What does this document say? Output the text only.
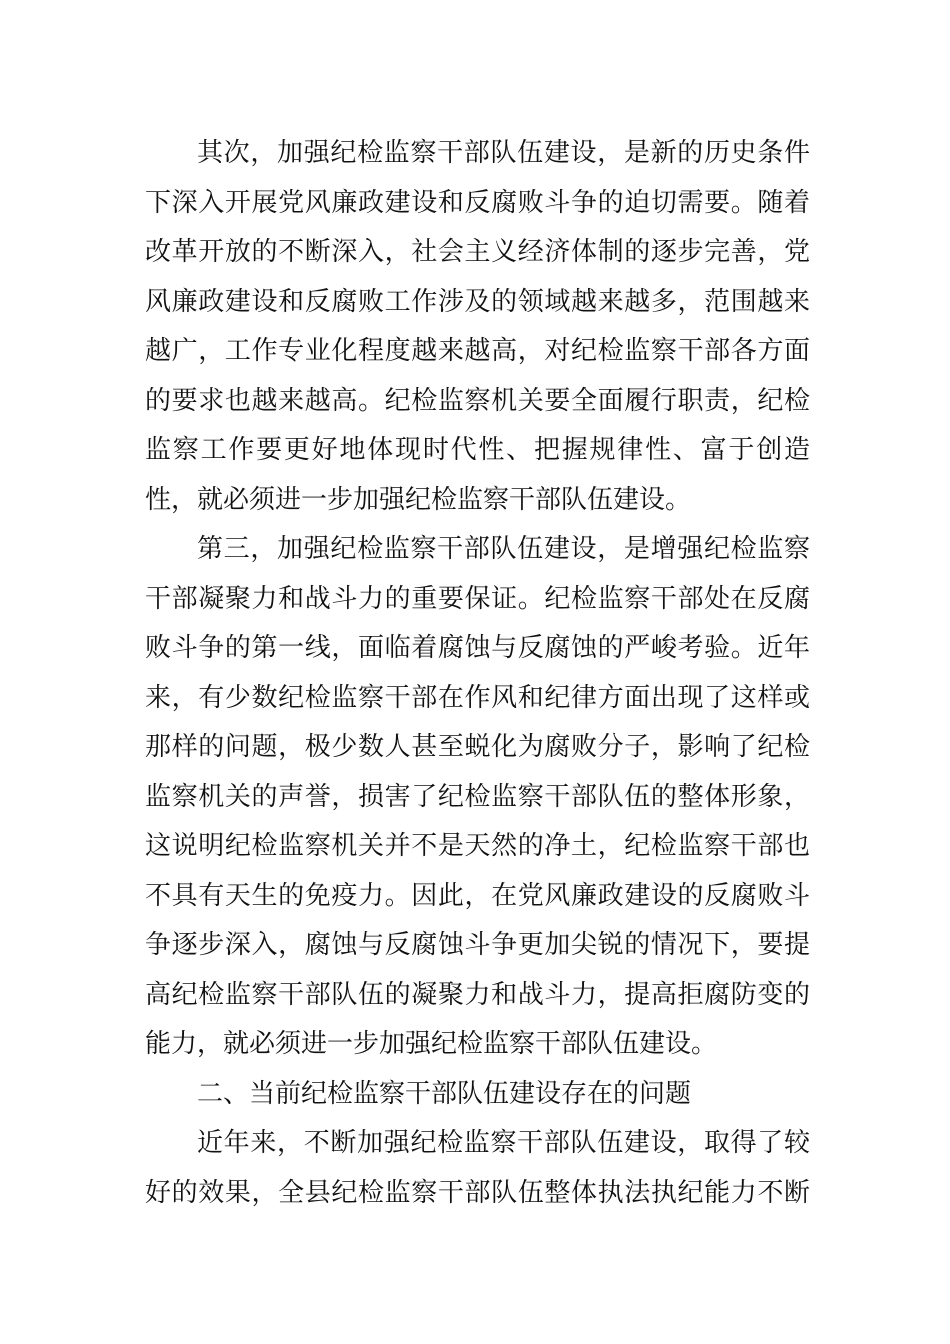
其次，加强纪检监察干部队伍建设，是新的历史条件
下深入开展党风廉政建设和反腐败斗争的迫切需要。随着
改革开放的不断深入，社会主义经济体制的逐步完善，党
风廉政建设和反腐败工作涉及的领域越来越多，范围越来
越广，工作专业化程度越来越高，对纪检监察干部各方面
的要求也越来越高。纪检监察机关要全面履行职责，纪检
监察工作要更好地体现时代性、把握规律性、富于创造
性，就必须进一步加强纪检监察干部队伍建设。
第三，加强纪检监察干部队伍建设，是增强纪检监察
干部凝聚力和战斗力的重要保证。纪检监察干部处在反腐
败斗争的第一线，面临着腐蚀与反腐蚀的严峻考验。近年
来，有少数纪检监察干部在作风和纪律方面出现了这样或
那样的问题，极少数人甚至蜕化为腐败分子，影响了纪检
监察机关的声誉，损害了纪检监察干部队伍的整体形象，
这说明纪检监察机关并不是天然的净土，纪检监察干部也
不具有天生的免疫力。因此，在党风廉政建设的反腐败斗
争逐步深入，腐蚀与反腐蚀斗争更加尖锐的情况下，要提
高纪检监察干部队伍的凝聚力和战斗力，提高拒腐防变的
能力，就必须进一步加强纪检监察干部队伍建设。
二、当前纪检监察干部队伍建设存在的问题
近年来，不断加强纪检监察干部队伍建设，取得了较
好的效果，全县纪检监察干部队伍整体执法执纪能力不断
